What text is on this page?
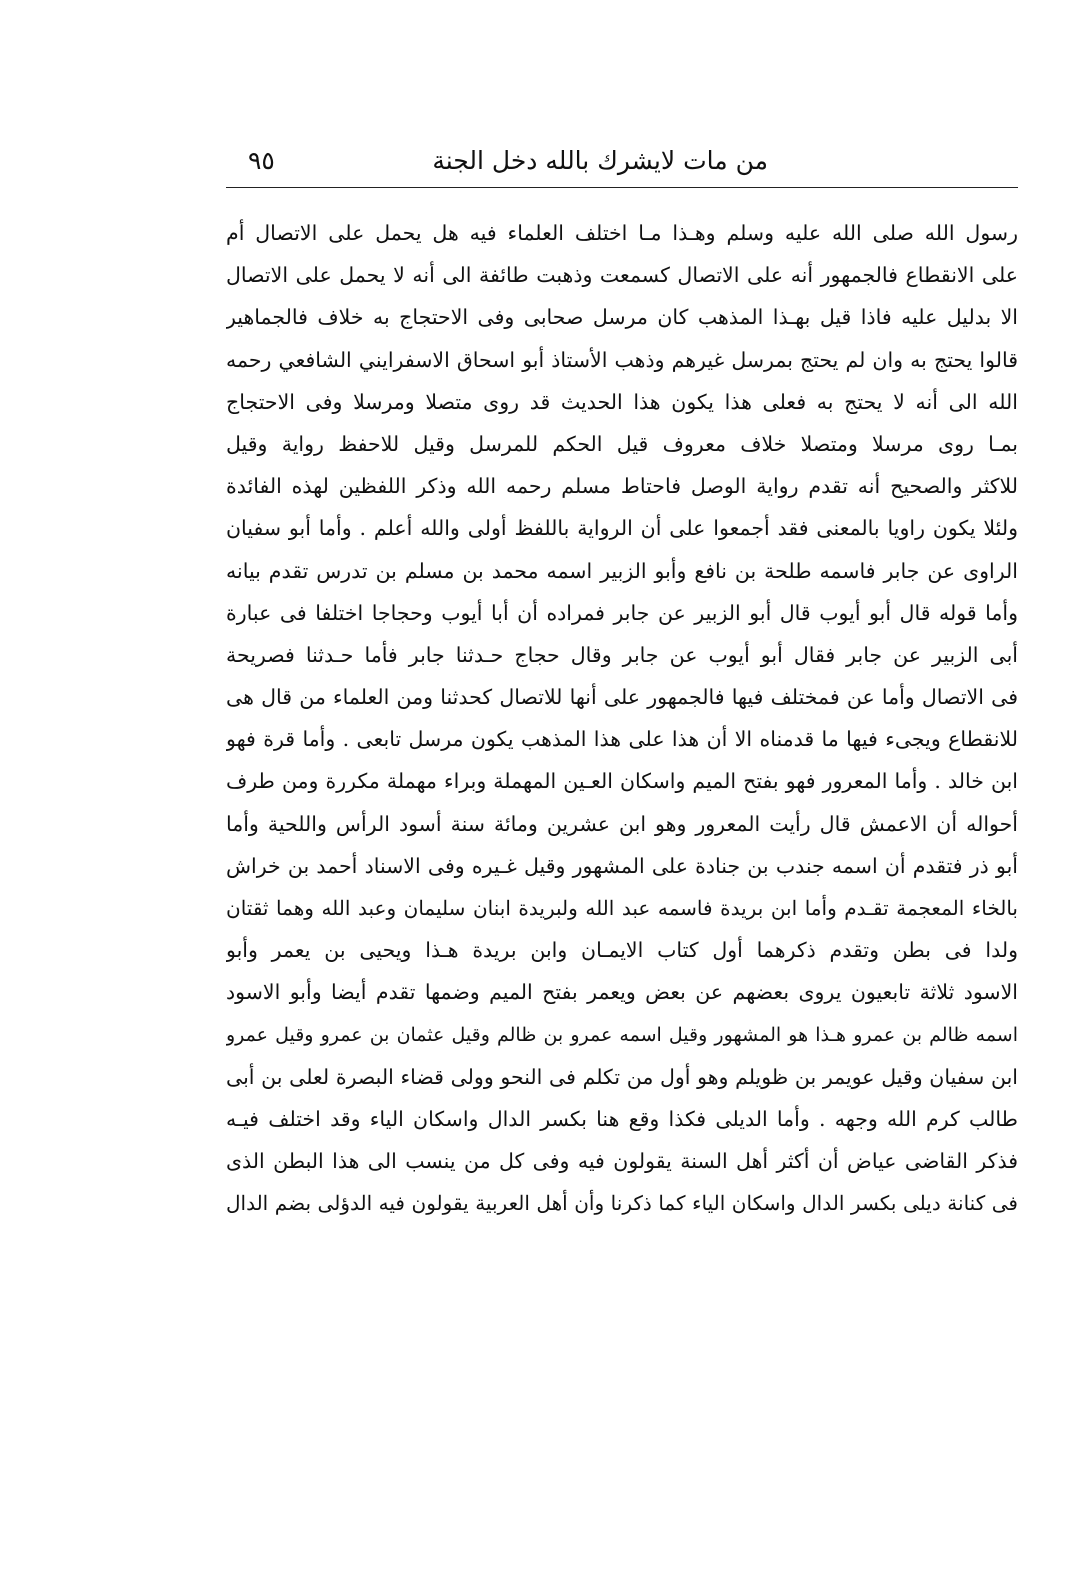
من مات لايشرك بالله دخل الجنة
٩٥
رسول الله صلى الله عليه وسلم وهـذا مـا اختلف العلماء فيه هل يحمل على الاتصال أم
على الانقطاع فالجمهور أنه على الاتصال كسمعت وذهبت طائفة الى أنه لا يحمل على الاتصال
الا بدليل عليه فاذا قيل بهـذا المذهب كان مرسل صحابى وفى الاحتجاج به خلاف فالجماهير
قالوا يحتج به وان لم يحتج بمرسل غيرهم وذهب الأستاذ أبو اسحاق الاسفرايني الشافعي رحمه
الله الى أنه لا يحتج به فعلى هذا يكون هذا الحديث قد روى متصلا ومرسلا وفى الاحتجاج
بمـا روى مرسلا ومتصلا خلاف معروف قيل الحكم للمرسل وقيل للاحفظ رواية وقيل
للاكثر والصحيح أنه تقدم رواية الوصل فاحتاط مسلم رحمه الله وذكر اللفظين لهذه الفائدة
ولئلا يكون راويا بالمعنى فقد أجمعوا على أن الرواية باللفظ أولى والله أعلم . وأما أبو سفيان
الراوى عن جابر فاسمه طلحة بن نافع وأبو الزبير اسمه محمد بن مسلم بن تدرس تقدم بيانه
وأما قوله قال أبو أيوب قال أبو الزبير عن جابر فمراده أن أبا أيوب وحجاجا اختلفا فى عبارة
أبى الزبير عن جابر فقال أبو أيوب عن جابر وقال حجاج حـدثنا جابر فأما حـدثنا فصريحة
فى الاتصال وأما عن فمختلف فيها فالجمهور على أنها للاتصال كحدثنا ومن العلماء من قال هى
للانقطاع ويجىء فيها ما قدمناه الا أن هذا على هذا المذهب يكون مرسل تابعى . وأما قرة فهو
ابن خالد . وأما المعرور فهو بفتح الميم واسكان العـين المهملة وبراء مهملة مكررة ومن طرف
أحواله أن الاعمش قال رأيت المعرور وهو ابن عشرين ومائة سنة أسود الرأس واللحية وأما
أبو ذر فتقدم أن اسمه جندب بن جنادة على المشهور وقيل غـيره وفى الاسناد أحمد بن خراش
بالخاء المعجمة تقـدم وأما ابن بريدة فاسمه عبد الله ولبريدة ابنان سليمان وعبد الله وهما ثقتان
ولدا فى بطن وتقدم ذكرهما أول كتاب الايمـان وابن بريدة هـذا ويحيى بن يعمر وأبو
الاسود ثلاثة تابعيون يروى بعضهم عن بعض ويعمر بفتح الميم وضمها تقدم أيضا وأبو الاسود
اسمه ظالم بن عمرو هـذا هو المشهور وقيل اسمه عمرو بن ظالم وقيل عثمان بن عمرو وقيل عمرو
ابن سفيان وقيل عويمر بن ظويلم وهو أول من تكلم فى النحو وولى قضاء البصرة لعلى بن أبى
طالب كرم الله وجهه . وأما الديلى فكذا وقع هنا بكسر الدال واسكان الياء وقد اختلف فيـه
فذكر القاضى عياض أن أكثر أهل السنة يقولون فيه وفى كل من ينسب الى هذا البطن الذى
فى كنانة ديلى بكسر الدال واسكان الياء كما ذكرنا وأن أهل العربية يقولون فيه الدؤلى بضم الدال
